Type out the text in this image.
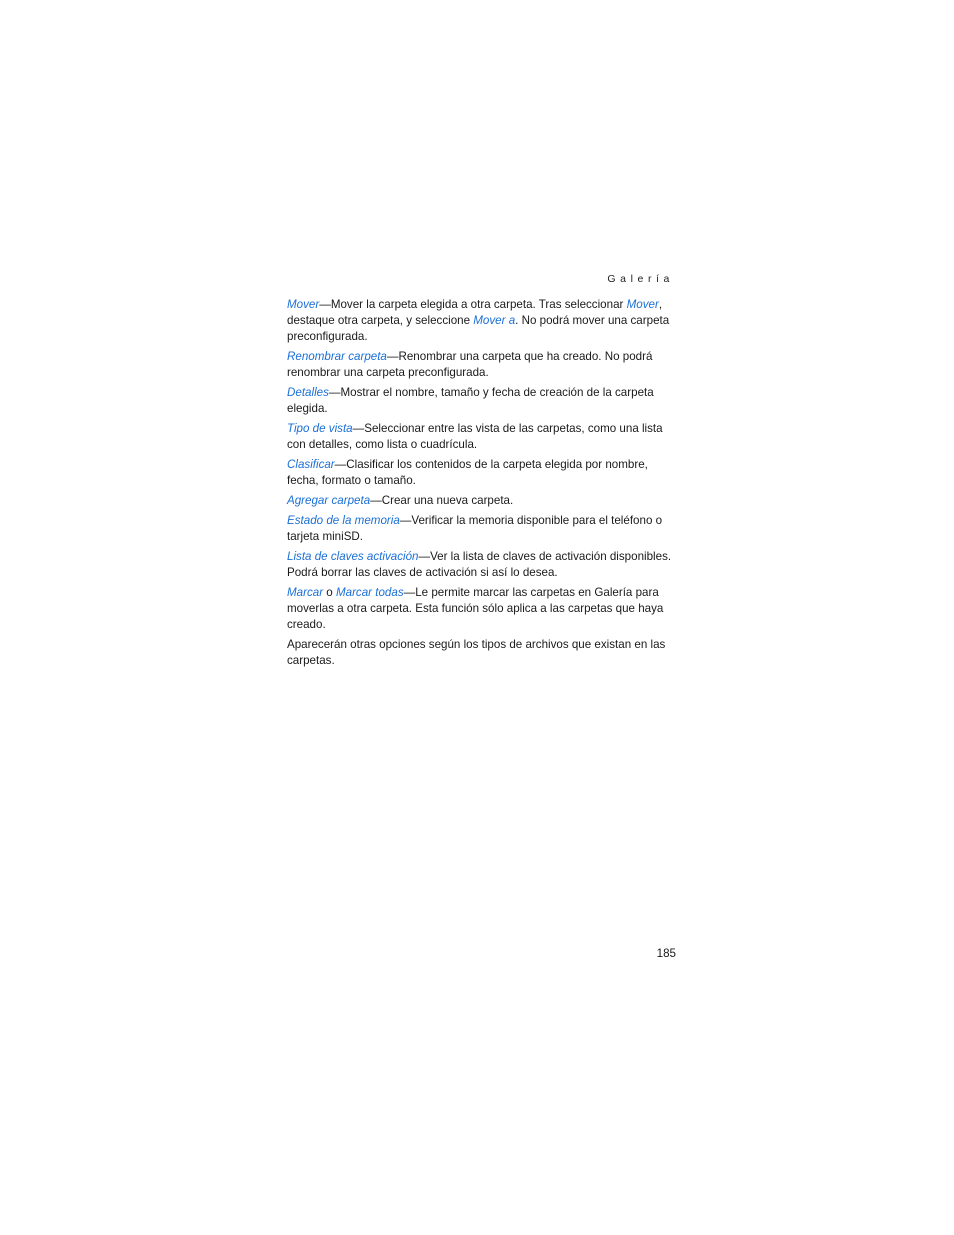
Galería

Mover—Mover la carpeta elegida a otra carpeta. Tras seleccionar Mover, destaque otra carpeta, y seleccione Mover a. No podrá mover una carpeta preconfigurada.

Renombrar carpeta—Renombrar una carpeta que ha creado. No podrá renombrar una carpeta preconfigurada.

Detalles—Mostrar el nombre, tamaño y fecha de creación de la carpeta elegida.

Tipo de vista—Seleccionar entre las vista de las carpetas, como una lista con detalles, como lista o cuadrícula.

Clasificar—Clasificar los contenidos de la carpeta elegida por nombre, fecha, formato o tamaño.

Agregar carpeta—Crear una nueva carpeta.

Estado de la memoria—Verificar la memoria disponible para el teléfono o
tarjeta miniSD.

Lista de claves activación—Ver la lista de claves de activación disponibles.
Podrá borrar las claves de activación si así lo desea.

Marcar o Marcar todas—Le permite marcar las carpetas en Galería para moverlas a otra carpeta. Esta función sólo aplica a las carpetas que haya creado.

Aparecerán otras opciones según los tipos de archivos que existan en las carpetas.

185
